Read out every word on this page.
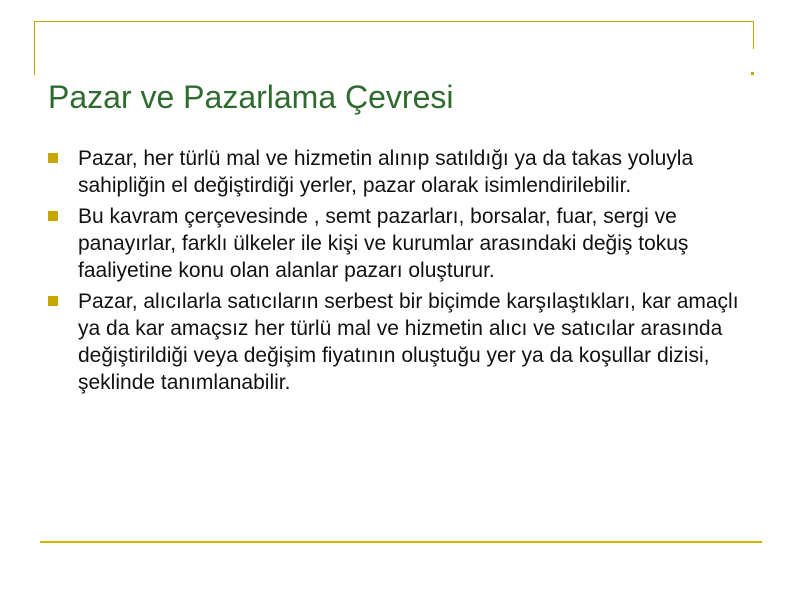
Pazar ve Pazarlama Çevresi
Pazar, her türlü mal ve hizmetin alınıp satıldığı ya da takas yoluyla sahipliğin el değiştirdiği yerler, pazar olarak isimlendirilebilir.
Bu kavram çerçevesinde , semt pazarları, borsalar, fuar, sergi ve panayırlar, farklı ülkeler ile kişi ve kurumlar arasındaki değiş tokuş faaliyetine konu olan alanlar pazarı oluşturur.
Pazar, alıcılarla satıcıların serbest bir biçimde karşılaştıkları, kar amaçlı ya da kar amaçsız her türlü mal ve hizmetin alıcı ve satıcılar arasında değiştirildiği veya değişim fiyatının oluştuğu yer ya da koşullar dizisi, şeklinde tanımlanabilir.
